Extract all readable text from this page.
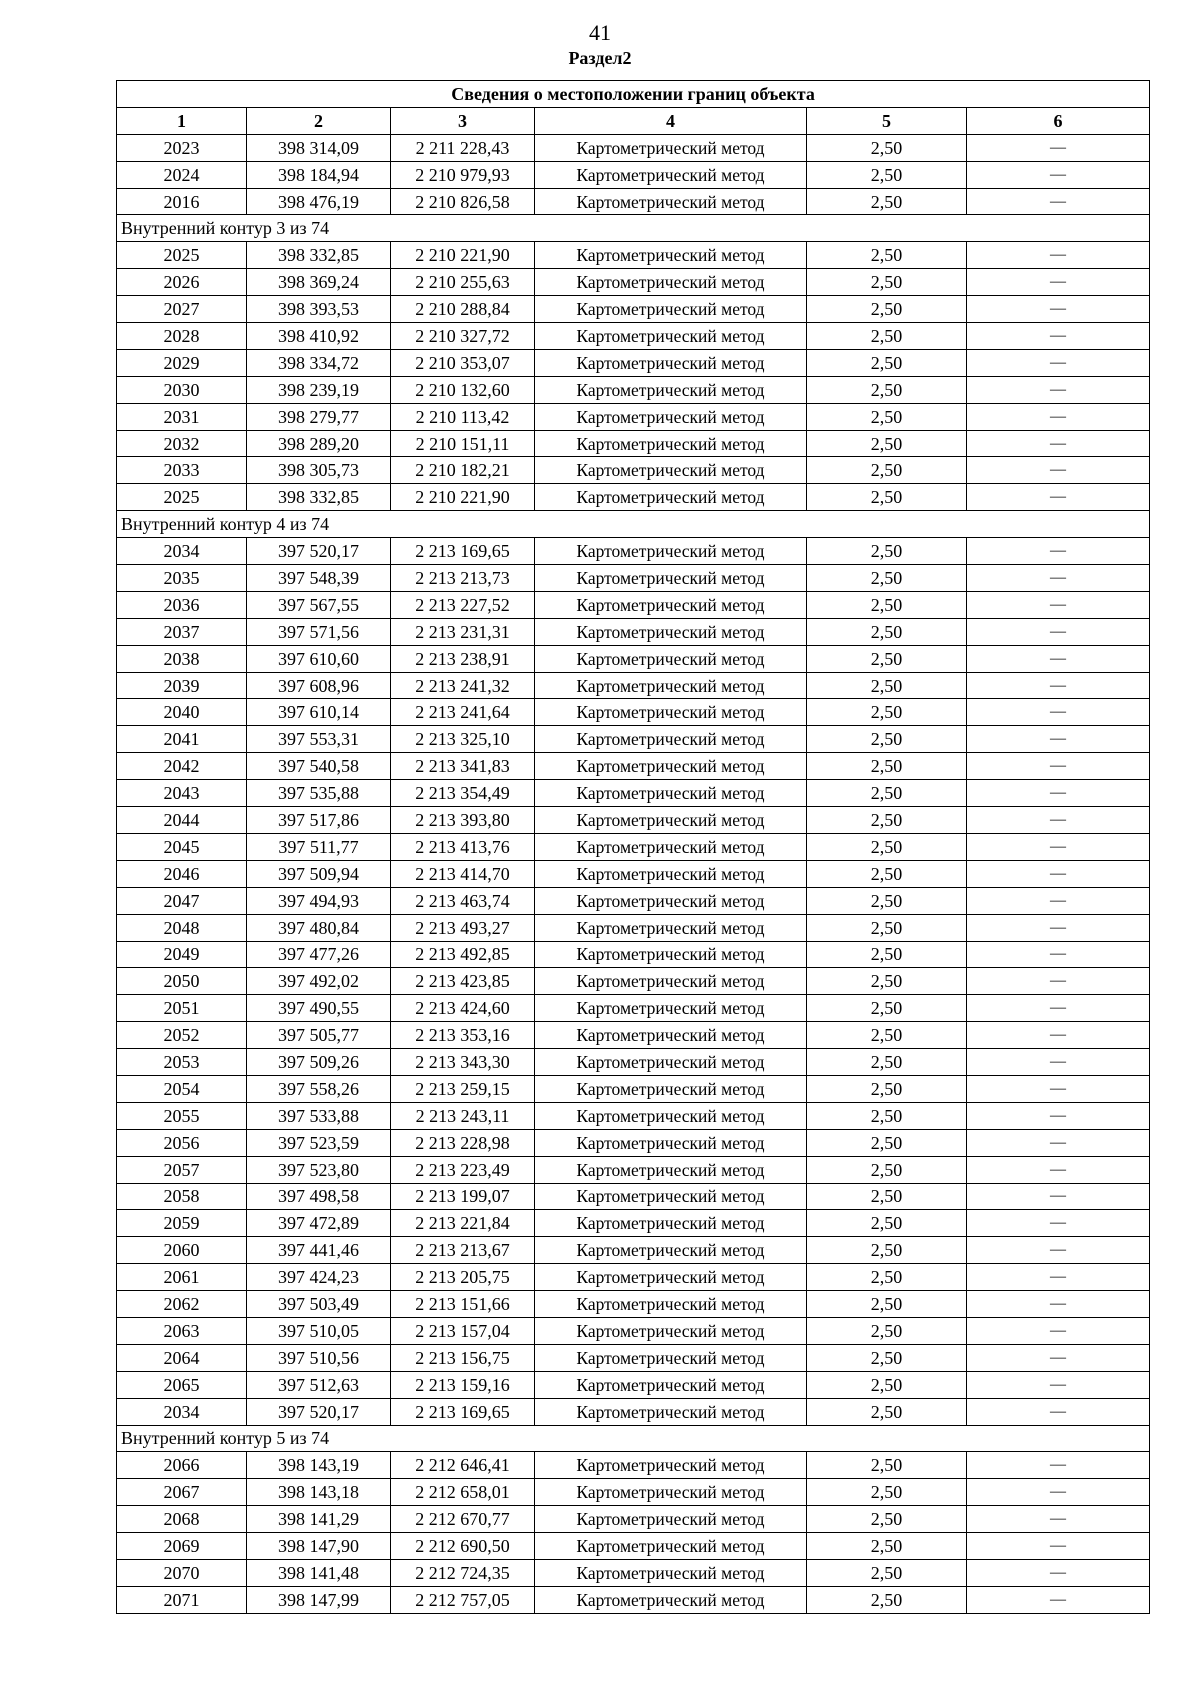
41
Раздел2
Сведения о местоположении границ объекта					
1	2	3	4	5	6
2023	398 314,09	2 211 228,43	Картометрический метод	2,50	—
2024	398 184,94	2 210 979,93	Картометрический метод	2,50	—
2016	398 476,19	2 210 826,58	Картометрический метод	2,50	—
Внутренний контур 3 из 74					
2025	398 332,85	2 210 221,90	Картометрический метод	2,50	—
2026	398 369,24	2 210 255,63	Картометрический метод	2,50	—
2027	398 393,53	2 210 288,84	Картометрический метод	2,50	—
2028	398 410,92	2 210 327,72	Картометрический метод	2,50	—
2029	398 334,72	2 210 353,07	Картометрический метод	2,50	—
2030	398 239,19	2 210 132,60	Картометрический метод	2,50	—
2031	398 279,77	2 210 113,42	Картометрический метод	2,50	—
2032	398 289,20	2 210 151,11	Картометрический метод	2,50	—
2033	398 305,73	2 210 182,21	Картометрический метод	2,50	—
2025	398 332,85	2 210 221,90	Картометрический метод	2,50	—
Внутренний контур 4 из 74					
2034	397 520,17	2 213 169,65	Картометрический метод	2,50	—
2035	397 548,39	2 213 213,73	Картометрический метод	2,50	—
2036	397 567,55	2 213 227,52	Картометрический метод	2,50	—
2037	397 571,56	2 213 231,31	Картометрический метод	2,50	—
2038	397 610,60	2 213 238,91	Картометрический метод	2,50	—
2039	397 608,96	2 213 241,32	Картометрический метод	2,50	—
2040	397 610,14	2 213 241,64	Картометрический метод	2,50	—
2041	397 553,31	2 213 325,10	Картометрический метод	2,50	—
2042	397 540,58	2 213 341,83	Картометрический метод	2,50	—
2043	397 535,88	2 213 354,49	Картометрический метод	2,50	—
2044	397 517,86	2 213 393,80	Картометрический метод	2,50	—
2045	397 511,77	2 213 413,76	Картометрический метод	2,50	—
2046	397 509,94	2 213 414,70	Картометрический метод	2,50	—
2047	397 494,93	2 213 463,74	Картометрический метод	2,50	—
2048	397 480,84	2 213 493,27	Картометрический метод	2,50	—
2049	397 477,26	2 213 492,85	Картометрический метод	2,50	—
2050	397 492,02	2 213 423,85	Картометрический метод	2,50	—
2051	397 490,55	2 213 424,60	Картометрический метод	2,50	—
2052	397 505,77	2 213 353,16	Картометрический метод	2,50	—
2053	397 509,26	2 213 343,30	Картометрический метод	2,50	—
2054	397 558,26	2 213 259,15	Картометрический метод	2,50	—
2055	397 533,88	2 213 243,11	Картометрический метод	2,50	—
2056	397 523,59	2 213 228,98	Картометрический метод	2,50	—
2057	397 523,80	2 213 223,49	Картометрический метод	2,50	—
2058	397 498,58	2 213 199,07	Картометрический метод	2,50	—
2059	397 472,89	2 213 221,84	Картометрический метод	2,50	—
2060	397 441,46	2 213 213,67	Картометрический метод	2,50	—
2061	397 424,23	2 213 205,75	Картометрический метод	2,50	—
2062	397 503,49	2 213 151,66	Картометрический метод	2,50	—
2063	397 510,05	2 213 157,04	Картометрический метод	2,50	—
2064	397 510,56	2 213 156,75	Картометрический метод	2,50	—
2065	397 512,63	2 213 159,16	Картометрический метод	2,50	—
2034	397 520,17	2 213 169,65	Картометрический метод	2,50	—
Внутренний контур 5 из 74					
2066	398 143,19	2 212 646,41	Картометрический метод	2,50	—
2067	398 143,18	2 212 658,01	Картометрический метод	2,50	—
2068	398 141,29	2 212 670,77	Картометрический метод	2,50	—
2069	398 147,90	2 212 690,50	Картометрический метод	2,50	—
2070	398 141,48	2 212 724,35	Картометрический метод	2,50	—
2071	398 147,99	2 212 757,05	Картометрический метод	2,50	—
